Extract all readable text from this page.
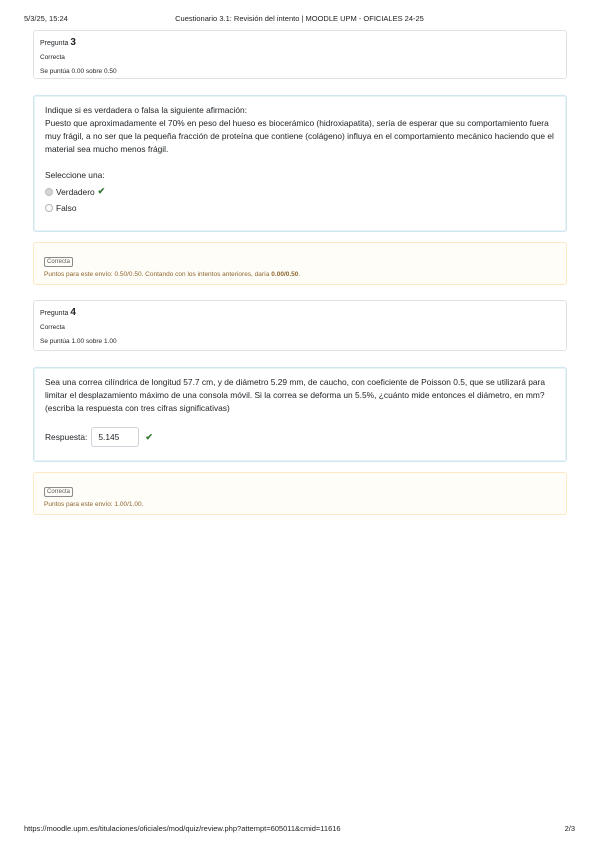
5/3/25, 15:24	Cuestionario 3.1: Revisión del intento | MOODLE UPM - OFICIALES 24-25
Pregunta 3
Correcta
Se puntúa 0.00 sobre 0.50
Indique si es verdadera o falsa la siguiente afirmación:
Puesto que aproximadamente el 70% en peso del hueso es biocerámico (hidroxiapatita), sería de esperar que su comportamiento fuera muy frágil, a no ser que la pequeña fracción de proteína que contiene (colágeno) influya en el comportamiento mecánico haciendo que el material sea mucho menos frágil.
Seleccione una:
Verdadero ✔
Falso
Correcta
Puntos para este envío: 0.50/0.50. Contando con los intentos anteriores, daría 0.00/0.50.
Pregunta 4
Correcta
Se puntúa 1.00 sobre 1.00
Sea una correa cilíndrica de longitud 57.7 cm, y de diámetro 5.29 mm, de caucho, con coeficiente de Poisson 0.5, que se utilizará para limitar el desplazamiento máximo de una consola móvil. Si la correa se deforma un 5.5%, ¿cuánto mide entonces el diámetro, en mm? (escriba la respuesta con tres cifras significativas)
Respuesta:	5.145	✔
Correcta
Puntos para este envío: 1.00/1.00.
https://moodle.upm.es/titulaciones/oficiales/mod/quiz/review.php?attempt=605011&cmid=11616	2/3
